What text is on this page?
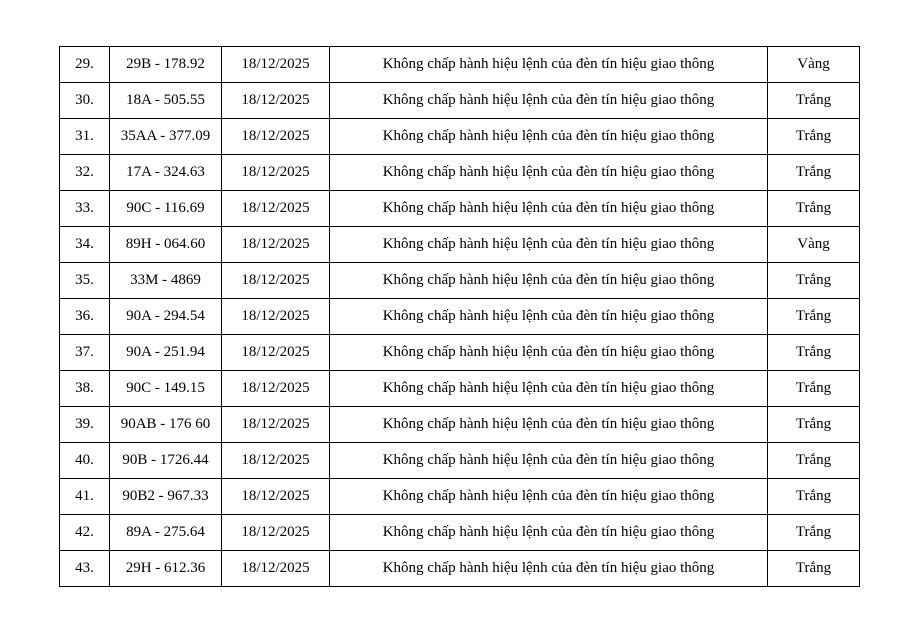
29.	29B - 178.92	18/12/2025	Không chấp hành hiệu lệnh của đèn tín hiệu giao thông	Vàng
30.	18A - 505.55	18/12/2025	Không chấp hành hiệu lệnh của đèn tín hiệu giao thông	Trắng
31.	35AA - 377.09	18/12/2025	Không chấp hành hiệu lệnh của đèn tín hiệu giao thông	Trắng
32.	17A - 324.63	18/12/2025	Không chấp hành hiệu lệnh của đèn tín hiệu giao thông	Trắng
33.	90C - 116.69	18/12/2025	Không chấp hành hiệu lệnh của đèn tín hiệu giao thông	Trắng
34.	89H - 064.60	18/12/2025	Không chấp hành hiệu lệnh của đèn tín hiệu giao thông	Vàng
35.	33M - 4869	18/12/2025	Không chấp hành hiệu lệnh của đèn tín hiệu giao thông	Trắng
36.	90A - 294.54	18/12/2025	Không chấp hành hiệu lệnh của đèn tín hiệu giao thông	Trắng
37.	90A - 251.94	18/12/2025	Không chấp hành hiệu lệnh của đèn tín hiệu giao thông	Trắng
38.	90C - 149.15	18/12/2025	Không chấp hành hiệu lệnh của đèn tín hiệu giao thông	Trắng
39.	90AB - 176 60	18/12/2025	Không chấp hành hiệu lệnh của đèn tín hiệu giao thông	Trắng
40.	90B - 1726.44	18/12/2025	Không chấp hành hiệu lệnh của đèn tín hiệu giao thông	Trắng
41.	90B2 - 967.33	18/12/2025	Không chấp hành hiệu lệnh của đèn tín hiệu giao thông	Trắng
42.	89A - 275.64	18/12/2025	Không chấp hành hiệu lệnh của đèn tín hiệu giao thông	Trắng
43.	29H - 612.36	18/12/2025	Không chấp hành hiệu lệnh của đèn tín hiệu giao thông	Trắng
